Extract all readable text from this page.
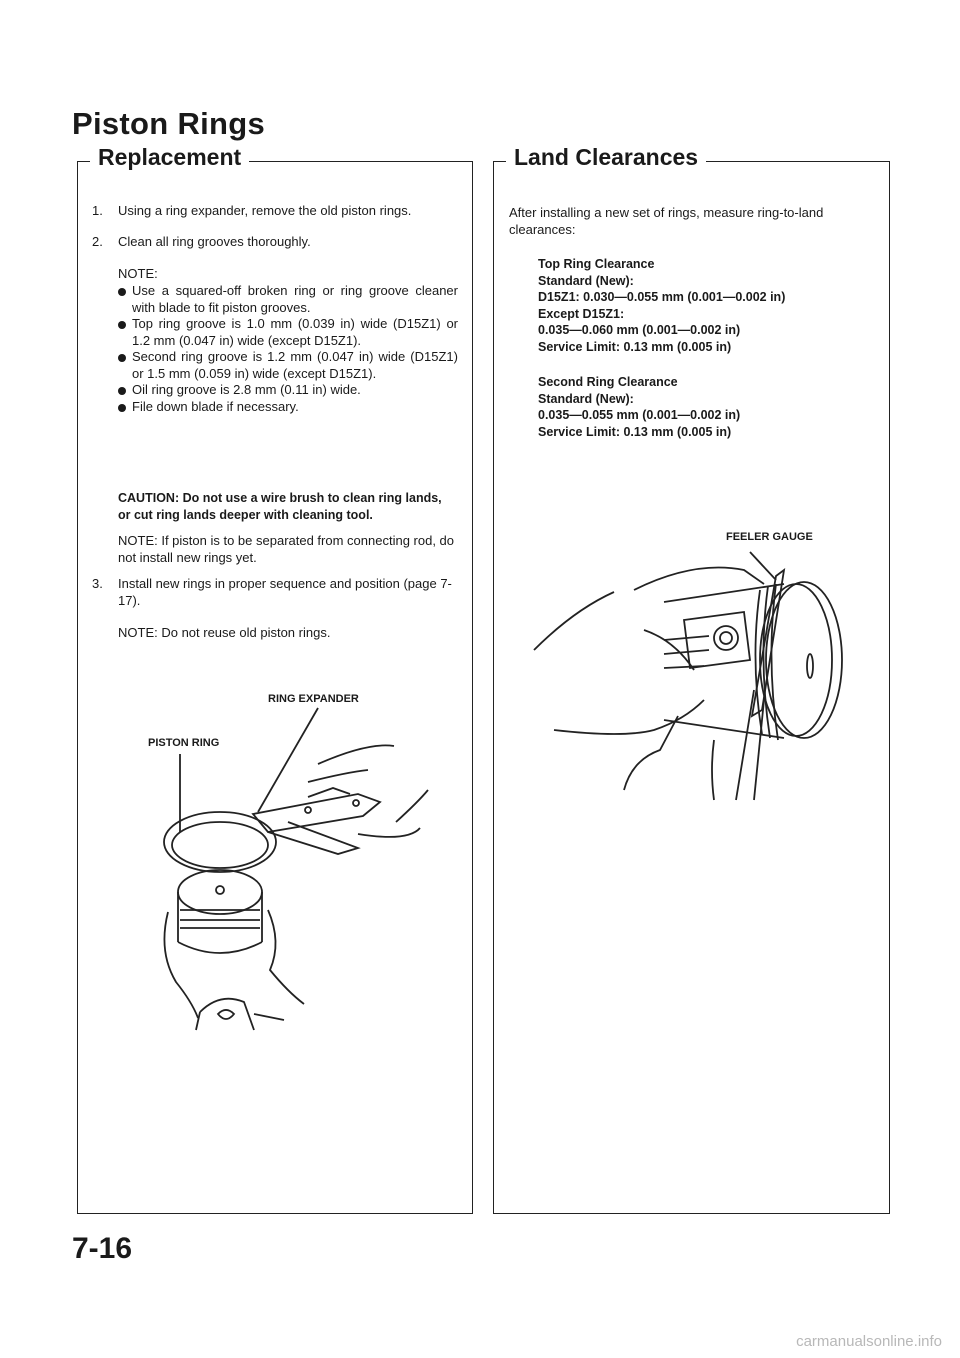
Piston Rings
Replacement
1. Using a ring expander, remove the old piston rings.
2. Clean all ring grooves thoroughly.
NOTE:
Use a squared-off broken ring or ring groove cleaner with blade to fit piston grooves.
Top ring groove is 1.0 mm (0.039 in) wide (D15Z1) or 1.2 mm (0.047 in) wide (except D15Z1).
Second ring groove is 1.2 mm (0.047 in) wide (D15Z1) or 1.5 mm (0.059 in) wide (except D15Z1).
Oil ring groove is 2.8 mm (0.11 in) wide.
File down blade if necessary.
CAUTION: Do not use a wire brush to clean ring lands, or cut ring lands deeper with cleaning tool.
NOTE: If piston is to be separated from connecting rod, do not install new rings yet.
3. Install new rings in proper sequence and position (page 7-17).
NOTE: Do not reuse old piston rings.
RING EXPANDER
PISTON RING
Land Clearances
After installing a new set of rings, measure ring-to-land clearances:
Top Ring Clearance
Standard (New):
D15Z1: 0.030—0.055 mm (0.001—0.002 in)
Except D15Z1:
0.035—0.060 mm (0.001—0.002 in)
Service Limit: 0.13 mm (0.005 in)
Second Ring Clearance
Standard (New):
0.035—0.055 mm (0.001—0.002 in)
Service Limit: 0.13 mm (0.005 in)
FEELER GAUGE
7-16
carmanualsonline.info
